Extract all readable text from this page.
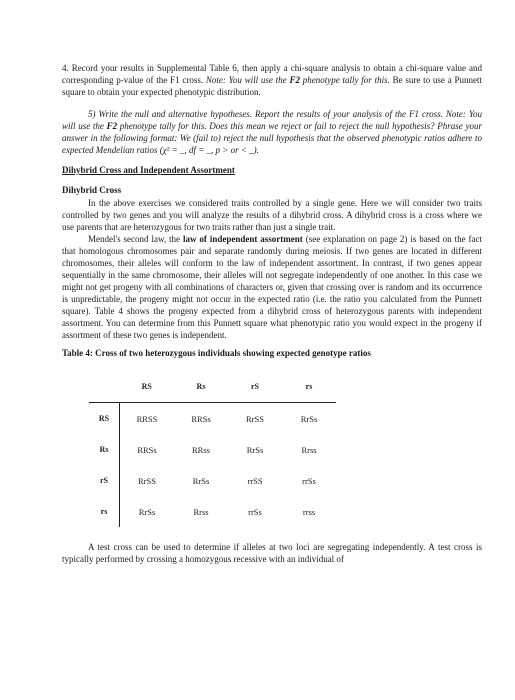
4. Record your results in Supplemental Table 6, then apply a chi-square analysis to obtain a chi-square value and corresponding p-value of the F1 cross. Note: You will use the F2 phenotype tally for this. Be sure to use a Punnett square to obtain your expected phenotypic distribution.

5) Write the null and alternative hypotheses. Report the results of your analysis of the F1 cross. Note: You will use the F2 phenotype tally for this. Does this mean we reject or fail to reject the null hypothesis? Phrase your answer in the following format: We (fail to) reject the null hypothesis that the observed phenotypic ratios adhere to expected Mendelian ratios (χ² = _, df = _, p > or < _).

Dihybrid Cross and Independent Assortment

Dihybrid Cross

In the above exercises we considered traits controlled by a single gene. Here we will consider two traits controlled by two genes and you will analyze the results of a dihybrid cross. A dihybrid cross is a cross where we use parents that are heterozygous for two traits rather than just a single trait.

Mendel's second law, the law of independent assortment (see explanation on page 2) is based on the fact that homologous chromosomes pair and separate randomly during meiosis. If two genes are located in different chromosomes, their alleles will conform to the law of independent assortment. In contrast, if two genes appear sequentially in the same chromosome, their alleles will not segregate independently of one another. In this case we might not get progeny with all combinations of characters or, given that crossing over is random and its occurrence is unpredictable, the progeny might not occur in the expected ratio (i.e. the ratio you calculated from the Punnett square). Table 4 shows the progeny expected from a dihybrid cross of heterozygous parents with independent assortment. You can determine from this Punnett square what phenotypic ratio you would expect in the progeny if assortment of these two genes is independent.

Table 4: Cross of two heterozygous individuals showing expected genotype ratios

	RS	Rs	rS	rs
RS	RRSS	RRSs	RrSS	RrSs
Rs	RRSs	RRss	RrSs	Rrss
rS	RrSS	RrSs	rrSS	rrSs
rs	RrSs	Rrss	rrSs	rrss

A test cross can be used to determine if alleles at two loci are segregating independently. A test cross is typically performed by crossing a homozygous recessive with an individual of
